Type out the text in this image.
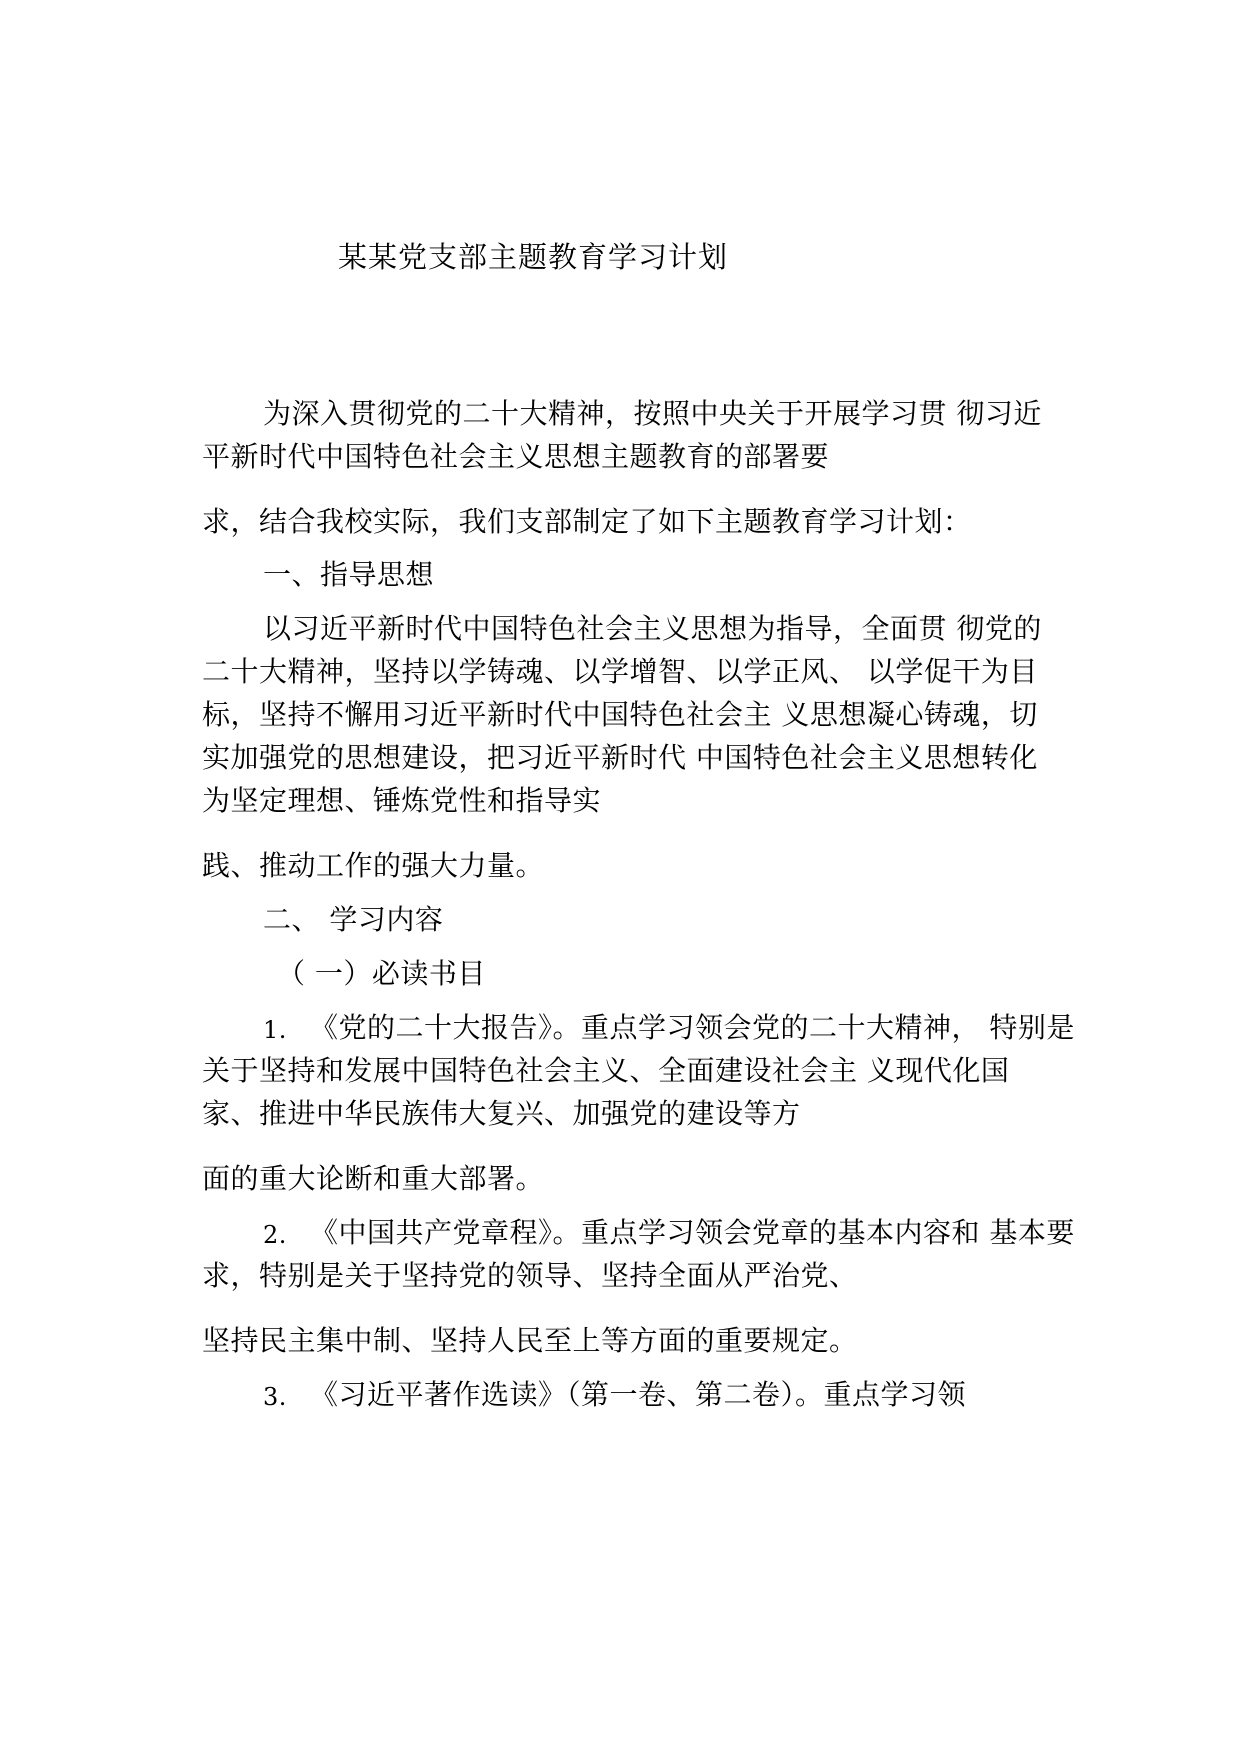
某某党支部主题教育学习计划
为深入贯彻党的二十大精神，按照中央关于开展学习贯 彻习近
平新时代中国特色社会主义思想主题教育的部署要
求，结合我校实际，我们支部制定了如下主题教育学习计划：
一、指导思想
以习近平新时代中国特色社会主义思想为指导，全面贯 彻党的
二十大精神，坚持以学铸魂、以学增智、以学正风、 以学促干为目
标，坚持不懈用习近平新时代中国特色社会主 义思想凝心铸魂，切
实加强党的思想建设，把习近平新时代 中国特色社会主义思想转化
为坚定理想、锤炼党性和指导实
践、推动工作的强大力量。
二、 学习内容
（ 一）必读书目
1. 《党的二十大报告》。重点学习领会党的二十大精神， 特别是
关于坚持和发展中国特色社会主义、全面建设社会主 义现代化国
家、推进中华民族伟大复兴、加强党的建设等方
面的重大论断和重大部署。
2. 《中国共产党章程》。重点学习领会党章的基本内容和 基本要
求，特别是关于坚持党的领导、坚持全面从严治党、
坚持民主集中制、坚持人民至上等方面的重要规定。
3. 《习近平著作选读》（第一卷、第二卷）。重点学习领
